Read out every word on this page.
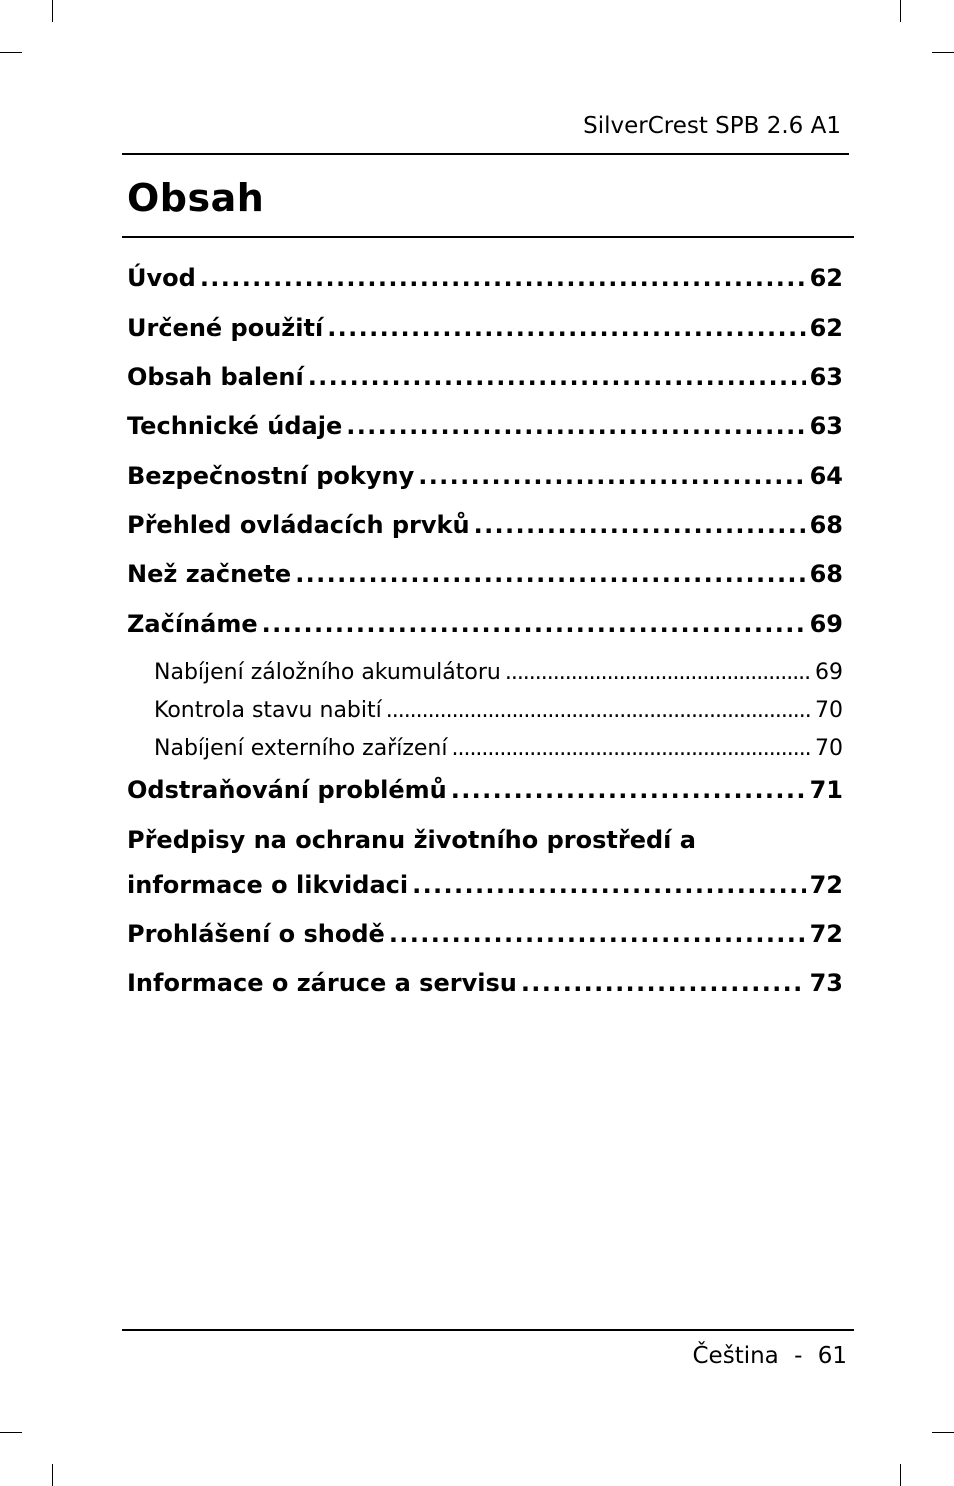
SilverCrest SPB 2.6 A1
Obsah
Úvod . . .	62
Určené použití . . .	62
Obsah balení . . .	63
Technické údaje . . .	63
Bezpečnostní pokyny . . .	64
Přehled ovládacích prvků . . .	68
Než začnete . . .	68
Začínáme . . .	69
Nabíjení záložního akumulátoru . . .	69
Kontrola stavu nabití . . .	70
Nabíjení externího zařízení . . .	70
Odstraňování problémů . . .	71
Předpisy na ochranu životního prostředí a
informace o likvidaci . . .	72
Prohlášení o shodě . . .	72
Informace o záruce a servisu . . .	73
Čeština - 61
